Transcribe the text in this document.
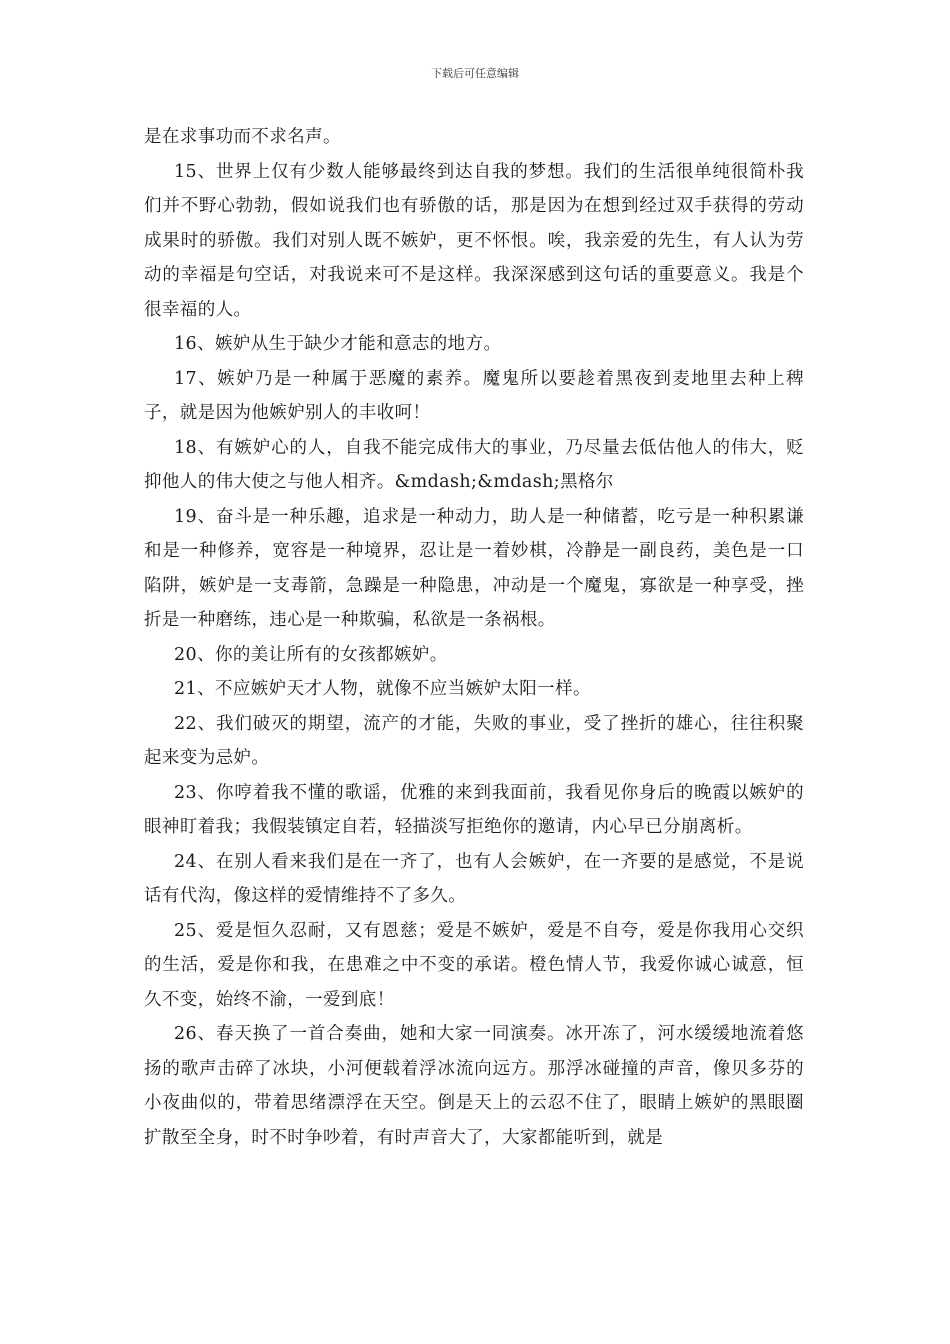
下载后可任意编辑

是在求事功而不求名声。

15、世界上仅有少数人能够最终到达自我的梦想。我们的生活很单纯很简朴我们并不野心勃勃，假如说我们也有骄傲的话，那是因为在想到经过双手获得的劳动成果时的骄傲。我们对别人既不嫉妒，更不怀恨。唉，我亲爱的先生，有人认为劳动的幸福是句空话，对我说来可不是这样。我深深感到这句话的重要意义。我是个很幸福的人。

16、嫉妒从生于缺少才能和意志的地方。

17、嫉妒乃是一种属于恶魔的素养。魔鬼所以要趁着黑夜到麦地里去种上稗子，就是因为他嫉妒别人的丰收呵！

18、有嫉妒心的人，自我不能完成伟大的事业，乃尽量去低估他人的伟大，贬抑他人的伟大使之与他人相齐。&mdash;&mdash;黑格尔

19、奋斗是一种乐趣，追求是一种动力，助人是一种储蓄，吃亏是一种积累谦和是一种修养，宽容是一种境界，忍让是一着妙棋，冷静是一副良药，美色是一口陷阱，嫉妒是一支毒箭，急躁是一种隐患，冲动是一个魔鬼，寡欲是一种享受，挫折是一种磨练，违心是一种欺骗，私欲是一条祸根。

20、你的美让所有的女孩都嫉妒。

21、不应嫉妒天才人物，就像不应当嫉妒太阳一样。

22、我们破灭的期望，流产的才能，失败的事业，受了挫折的雄心，往往积聚起来变为忌妒。

23、你哼着我不懂的歌谣，优雅的来到我面前，我看见你身后的晚霞以嫉妒的眼神盯着我；我假装镇定自若，轻描淡写拒绝你的邀请，内心早已分崩离析。

24、在别人看来我们是在一齐了，也有人会嫉妒，在一齐要的是感觉，不是说话有代沟，像这样的爱情维持不了多久。

25、爱是恒久忍耐，又有恩慈；爱是不嫉妒，爱是不自夸，爱是你我用心交织的生活，爱是你和我，在患难之中不变的承诺。橙色情人节，我爱你诚心诚意，恒久不变，始终不渝，一爱到底！

26、春天换了一首合奏曲，她和大家一同演奏。冰开冻了，河水缓缓地流着悠扬的歌声击碎了冰块，小河便载着浮冰流向远方。那浮冰碰撞的声音，像贝多芬的小夜曲似的，带着思绪漂浮在天空。倒是天上的云忍不住了，眼睛上嫉妒的黑眼圈扩散至全身，时不时争吵着，有时声音大了，大家都能听到，就是
